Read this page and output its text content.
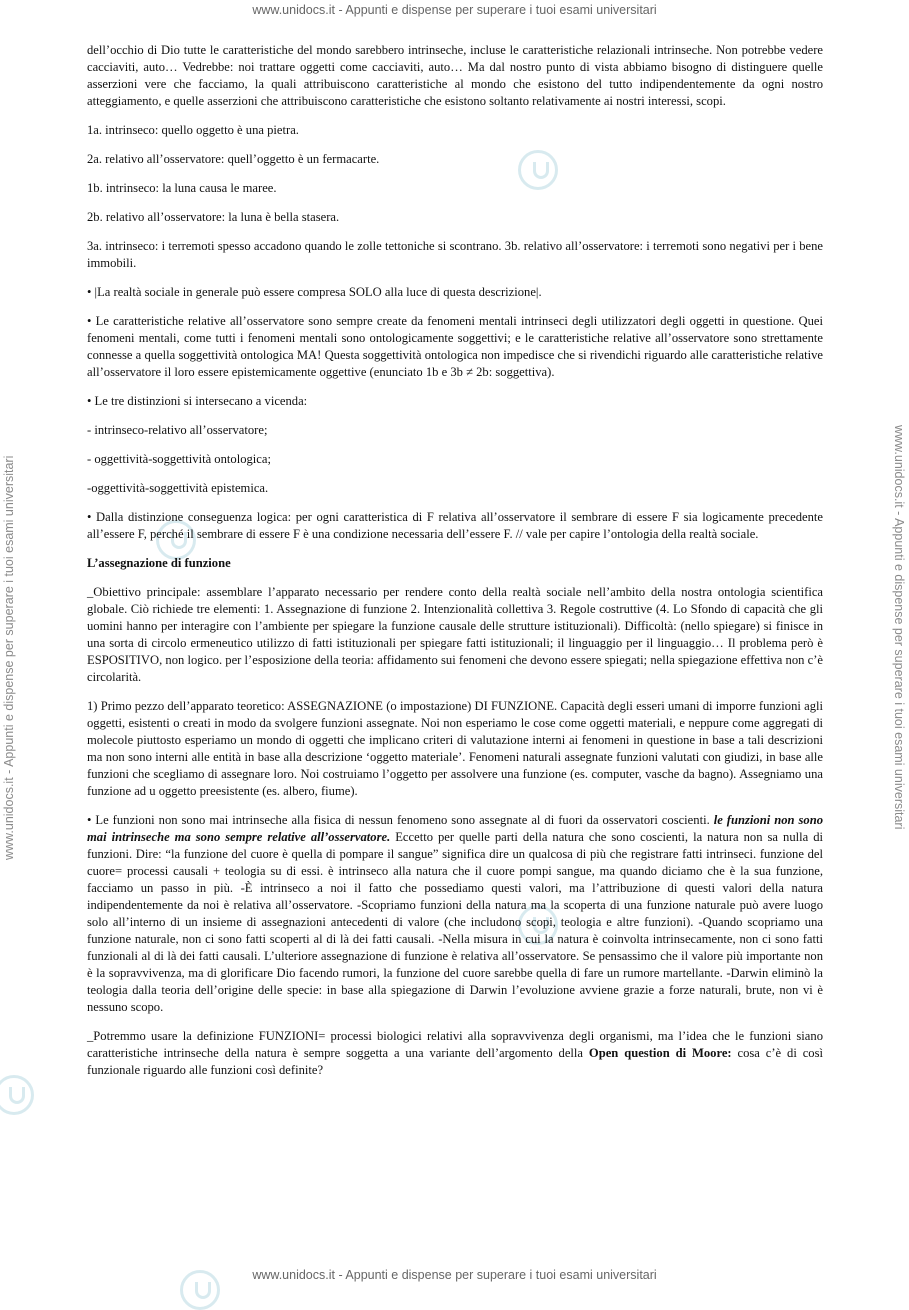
www.unidocs.it - Appunti e dispense per superare i tuoi esami universitari
www.unidocs.it - Appunti e dispense per superare i tuoi esami universitari	www.unidocs.it - Appunti e dispense per superare i tuoi esami universitari

dell’occhio di Dio tutte le caratteristiche del mondo sarebbero intrinseche, incluse le caratteristiche relazionali intrinseche. Non potrebbe vedere cacciaviti, auto… Vedrebbe: noi trattare oggetti come cacciaviti, auto… Ma dal nostro punto di vista abbiamo bisogno di distinguere quelle asserzioni vere che facciamo, la quali attribuiscono caratteristiche al mondo che esistono del tutto indipendentemente da ogni nostro atteggiamento, e quelle asserzioni che attribuiscono caratteristiche che esistono soltanto relativamente ai nostri interessi, scopi.

1a. intrinseco: quello oggetto è una pietra.

2a. relativo all’osservatore: quell’oggetto è un fermacarte.

1b. intrinseco: la luna causa le maree.

2b. relativo all’osservatore: la luna è bella stasera.

3a. intrinseco: i terremoti spesso accadono quando le zolle tettoniche si scontrano. 3b. relativo all’osservatore: i terremoti sono negativi per i bene immobili.

• |La realtà sociale in generale può essere compresa SOLO alla luce di questa descrizione|.

• Le caratteristiche relative all’osservatore sono sempre create da fenomeni mentali intrinseci degli utilizzatori degli oggetti in questione. Quei fenomeni mentali, come tutti i fenomeni mentali sono ontologicamente soggettivi; e le caratteristiche relative all’osservatore sono strettamente connesse a quella soggettività ontologica MA! Questa soggettività ontologica non impedisce che si rivendichi riguardo alle caratteristiche relative all’osservatore il loro essere epistemicamente oggettive (enunciato 1b e 3b ≠ 2b: soggettiva).

• Le tre distinzioni si intersecano a vicenda:

- intrinseco-relativo all’osservatore;

- oggettività-soggettività ontologica;

-oggettività-soggettività epistemica.

• Dalla distinzione conseguenza logica: per ogni caratteristica di F relativa all’osservatore il sembrare di essere F sia logicamente precedente all’essere F, perché il sembrare di essere F è una condizione necessaria dell’essere F. // vale per capire l’ontologia della realtà sociale.

L’assegnazione di funzione

_Obiettivo principale: assemblare l’apparato necessario per rendere conto della realtà sociale nell’ambito della nostra ontologia scientifica globale. Ciò richiede tre elementi: 1. Assegnazione di funzione 2. Intenzionalità collettiva 3. Regole costruttive (4. Lo Sfondo di capacità che gli uomini hanno per interagire con l’ambiente per spiegare la funzione causale delle strutture istituzionali). Difficoltà: (nello spiegare) si finisce in una sorta di circolo ermeneutico utilizzo di fatti istituzionali per spiegare fatti istituzionali; il linguaggio per il linguaggio… Il problema però è ESPOSITIVO, non logico. per l’esposizione della teoria: affidamento sui fenomeni che devono essere spiegati; nella spiegazione effettiva non c’è circolarità.

1) Primo pezzo dell’apparato teoretico: ASSEGNAZIONE (o impostazione) DI FUNZIONE. Capacità degli esseri umani di imporre funzioni agli oggetti, esistenti o creati in modo da svolgere funzioni assegnate. Noi non esperiamo le cose come oggetti materiali, e neppure come aggregati di molecole piuttosto esperiamo un mondo di oggetti che implicano criteri di valutazione interni ai fenomeni in questione in base a tali descrizioni ma non sono interni alle entità in base alla descrizione ‘oggetto materiale’. Fenomeni naturali assegnate funzioni valutati con giudizi, in base alle funzioni che scegliamo di assegnare loro. Noi costruiamo l’oggetto per assolvere una funzione (es. computer, vasche da bagno). Assegniamo una funzione ad u oggetto preesistente (es. albero, fiume).

• Le funzioni non sono mai intrinseche alla fisica di nessun fenomeno sono assegnate al di fuori da osservatori coscienti. le funzioni non sono mai intrinseche ma sono sempre relative all’osservatore. Eccetto per quelle parti della natura che sono coscienti, la natura non sa nulla di funzioni. Dire: “la funzione del cuore è quella di pompare il sangue” significa dire un qualcosa di più che registrare fatti intrinseci. funzione del cuore= processi causali + teologia su di essi. è intrinseco alla natura che il cuore pompi sangue, ma quando diciamo che è la sua funzione, facciamo un passo in più. -È intrinseco a noi il fatto che possediamo questi valori, ma l’attribuzione di questi valori della natura indipendentemente da noi è relativa all’osservatore. -Scopriamo funzioni della natura ma la scoperta di una funzione naturale può avere luogo solo all’interno di un insieme di assegnazioni antecedenti di valore (che includono scopi, teologia e altre funzioni). -Quando scopriamo una funzione naturale, non ci sono fatti scoperti al di là dei fatti causali. -Nella misura in cui la natura è coinvolta intrinsecamente, non ci sono fatti funzionali al di là dei fatti causali. L’ulteriore assegnazione di funzione è relativa all’osservatore. Se pensassimo che il valore più importante non è la sopravvivenza, ma di glorificare Dio facendo rumori, la funzione del cuore sarebbe quella di fare un rumore martellante. -Darwin eliminò la teologia dalla teoria dell’origine delle specie: in base alla spiegazione di Darwin l’evoluzione avviene grazie a forze naturali, brute, non vi è nessuno scopo.

_Potremmo usare la definizione FUNZIONI= processi biologici relativi alla sopravvivenza degli organismi, ma l’idea che le funzioni siano caratteristiche intrinseche della natura è sempre soggetta a una variante dell’argomento della Open question di Moore: cosa c’è di così funzionale riguardo alle funzioni così definite?

www.unidocs.it - Appunti e dispense per superare i tuoi esami universitari
